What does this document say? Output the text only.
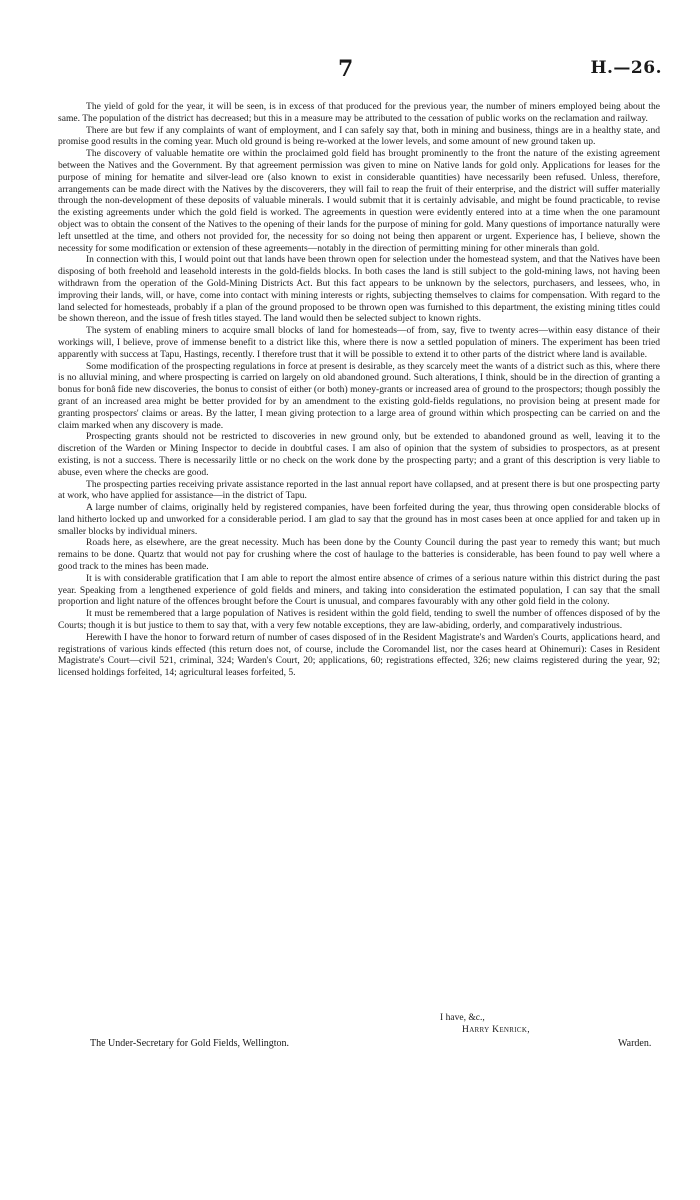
7	H.—26.

The yield of gold for the year, it will be seen, is in excess of that produced for the previous year, the number of miners employed being about the same. The population of the district has decreased; but this in a measure may be attributed to the cessation of public works on the reclamation and railway.

There are but few if any complaints of want of employment, and I can safely say that, both in mining and business, things are in a healthy state, and promise good results in the coming year. Much old ground is being re-worked at the lower levels, and some amount of new ground taken up.

The discovery of valuable hematite ore within the proclaimed gold field has brought prominently to the front the nature of the existing agreement between the Natives and the Government. By that agreement permission was given to mine on Native lands for gold only. Applications for leases for the purpose of mining for hematite and silver-lead ore (also known to exist in considerable quantities) have necessarily been refused. Unless, therefore, arrangements can be made direct with the Natives by the discoverers, they will fail to reap the fruit of their enterprise, and the district will suffer materially through the non-development of these deposits of valuable minerals. I would submit that it is certainly advisable, and might be found practicable, to revise the existing agreements under which the gold field is worked. The agreements in question were evidently entered into at a time when the one paramount object was to obtain the consent of the Natives to the opening of their lands for the purpose of mining for gold. Many questions of importance naturally were left unsettled at the time, and others not provided for, the necessity for so doing not being then apparent or urgent. Experience has, I believe, shown the necessity for some modification or extension of these agreements—notably in the direction of permitting mining for other minerals than gold.

In connection with this, I would point out that lands have been thrown open for selection under the homestead system, and that the Natives have been disposing of both freehold and leasehold interests in the gold-fields blocks. In both cases the land is still subject to the gold-mining laws, not having been withdrawn from the operation of the Gold-Mining Districts Act. But this fact appears to be unknown by the selectors, purchasers, and lessees, who, in improving their lands, will, or have, come into contact with mining interests or rights, subjecting themselves to claims for compensation. With regard to the land selected for homesteads, probably if a plan of the ground proposed to be thrown open was furnished to this department, the existing mining titles could be shown thereon, and the issue of fresh titles stayed. The land would then be selected subject to known rights.

The system of enabling miners to acquire small blocks of land for homesteads—of from, say, five to twenty acres—within easy distance of their workings will, I believe, prove of immense benefit to a district like this, where there is now a settled population of miners. The experiment has been tried apparently with success at Tapu, Hastings, recently. I therefore trust that it will be possible to extend it to other parts of the district where land is available.

Some modification of the prospecting regulations in force at present is desirable, as they scarcely meet the wants of a district such as this, where there is no alluvial mining, and where prospecting is carried on largely on old abandoned ground. Such alterations, I think, should be in the direction of granting a bonus for bonâ fide new discoveries, the bonus to consist of either (or both) money-grants or increased area of ground to the prospectors; though possibly the grant of an increased area might be better provided for by an amendment to the existing gold-fields regulations, no provision being at present made for granting prospectors' claims or areas. By the latter, I mean giving protection to a large area of ground within which prospecting can be carried on and the claim marked when any discovery is made.

Prospecting grants should not be restricted to discoveries in new ground only, but be extended to abandoned ground as well, leaving it to the discretion of the Warden or Mining Inspector to decide in doubtful cases. I am also of opinion that the system of subsidies to prospectors, as at present existing, is not a success. There is necessarily little or no check on the work done by the prospecting party; and a grant of this description is very liable to abuse, even where the checks are good.

The prospecting parties receiving private assistance reported in the last annual report have collapsed, and at present there is but one prospecting party at work, who have applied for assistance—in the district of Tapu.

A large number of claims, originally held by registered companies, have been forfeited during the year, thus throwing open considerable blocks of land hitherto locked up and unworked for a considerable period. I am glad to say that the ground has in most cases been at once applied for and taken up in smaller blocks by individual miners.

Roads here, as elsewhere, are the great necessity. Much has been done by the County Council during the past year to remedy this want; but much remains to be done. Quartz that would not pay for crushing where the cost of haulage to the batteries is considerable, has been found to pay well where a good track to the mines has been made.

It is with considerable gratification that I am able to report the almost entire absence of crimes of a serious nature within this district during the past year. Speaking from a lengthened experience of gold fields and miners, and taking into consideration the estimated population, I can say that the small proportion and light nature of the offences brought before the Court is unusual, and compares favourably with any other gold field in the colony.

It must be remembered that a large population of Natives is resident within the gold field, tending to swell the number of offences disposed of by the Courts; though it is but justice to them to say that, with a very few notable exceptions, they are law-abiding, orderly, and comparatively industrious.

Herewith I have the honor to forward return of number of cases disposed of in the Resident Magistrate's and Warden's Courts, applications heard, and registrations of various kinds effected (this return does not, of course, include the Coromandel list, nor the cases heard at Ohinemuri): Cases in Resident Magistrate's Court—civil 521, criminal, 324; Warden's Court, 20; applications, 60; registrations effected, 326; new claims registered during the year, 92; licensed holdings forfeited, 14; agricultural leases forfeited, 5.

I have, &c.,
Harry Kenrick,
The Under-Secretary for Gold Fields, Wellington.	Warden.
